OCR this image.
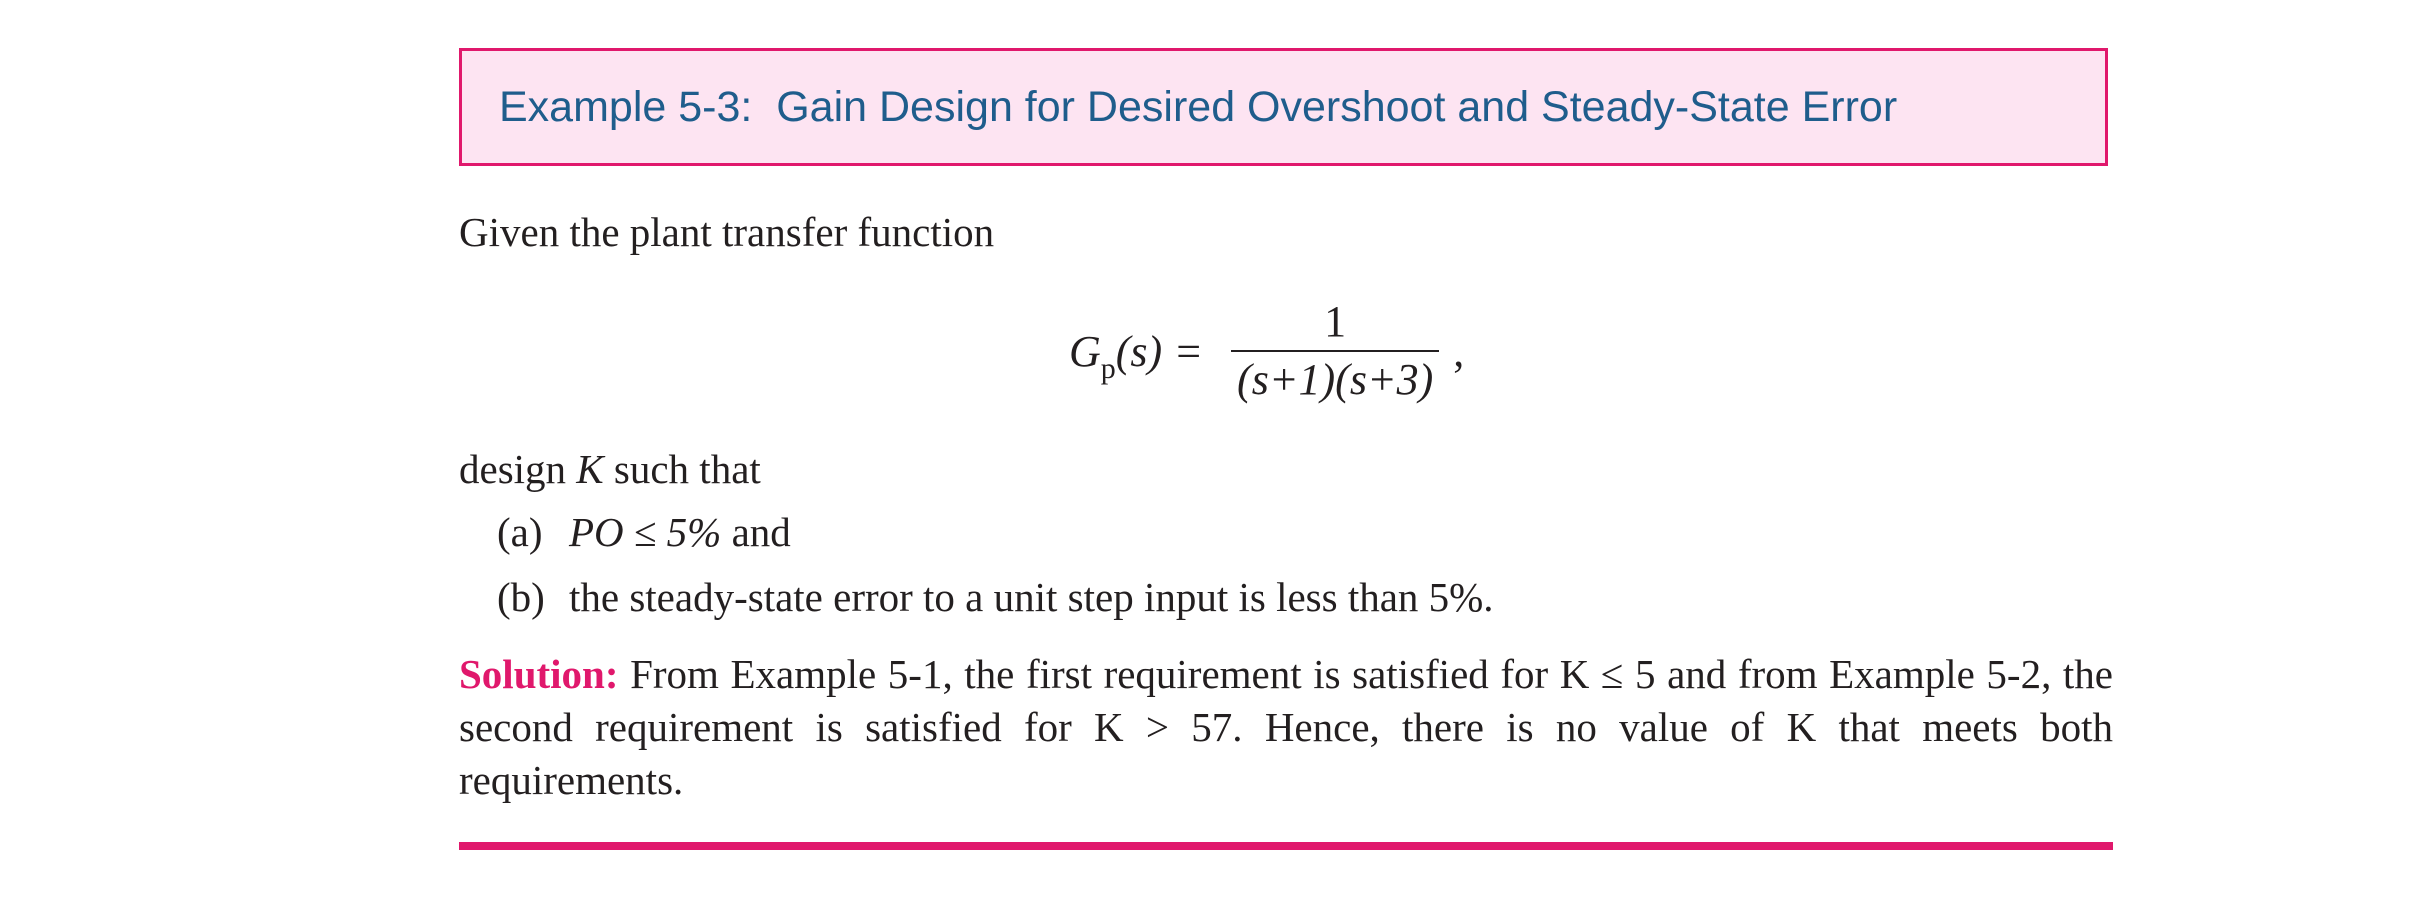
Example 5-3:  Gain Design for Desired Overshoot and Steady-State Error

Given the plant transfer function

$G_p(s) = \frac{1}{(s+1)(s+3)}$ ,

design K such that

(a) PO ≤ 5% and
(b) the steady-state error to a unit step input is less than 5%.

Solution: From Example 5-1, the first requirement is satisfied for K ≤ 5 and from Example 5-2, the second requirement is satisfied for K > 57. Hence, there is no value of K that meets both requirements.
